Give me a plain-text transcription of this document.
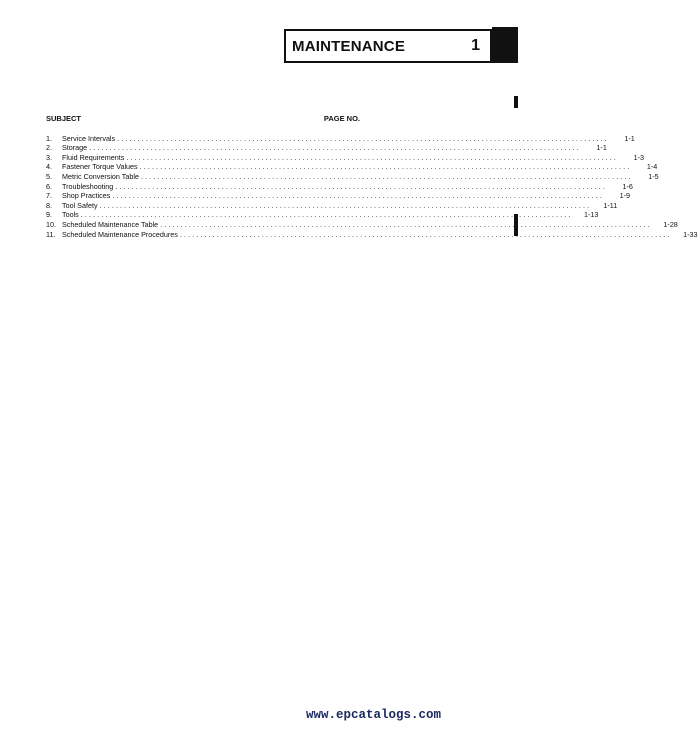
MAINTENANCE	1
SUBJECT	PAGE NO.
1.	Service Intervals ........................................................................................................................	1-1
2.	Storage ........................................................................................................................	1-1
3.	Fluid Requirements ........................................................................................................................	1-3
4.	Fastener Torque Values ........................................................................................................................	1-4
5.	Metric Conversion Table ........................................................................................................................	1-5
6.	Troubleshooting ........................................................................................................................	1-6
7.	Shop Practices ........................................................................................................................	1-9
8.	Tool Safety ........................................................................................................................ 1-11
9.	Tools ........................................................................................................................ 1-13
10. Scheduled Maintenance Table ........................................................................................................................ 1-28
11. Scheduled Maintenance Procedures ........................................................................................................................ 1-33
www.epcatalogs.com
